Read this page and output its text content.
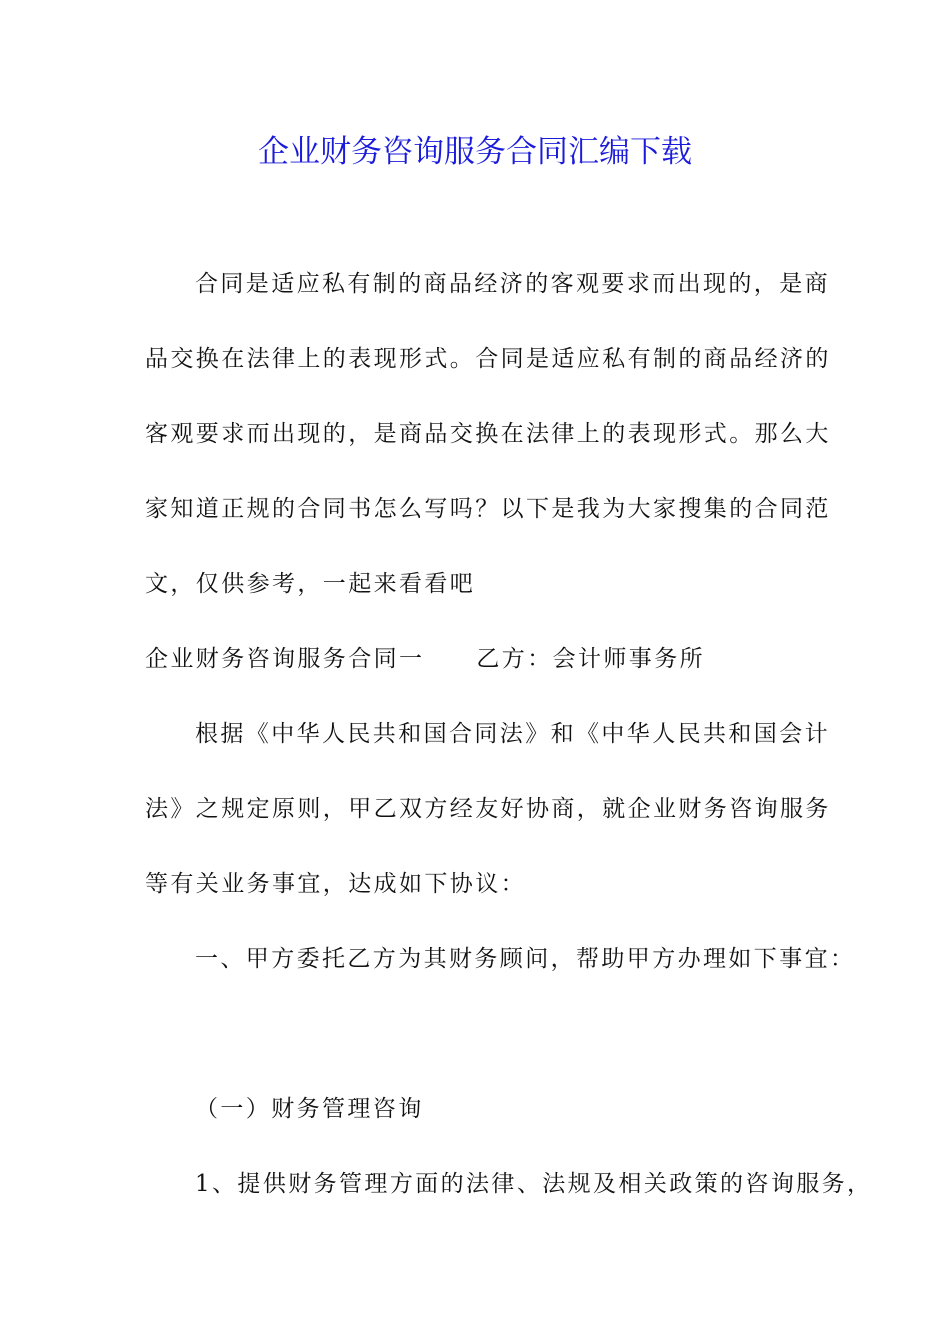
企业财务咨询服务合同汇编下载
合同是适应私有制的商品经济的客观要求而出现的，是商
品交换在法律上的表现形式。合同是适应私有制的商品经济的
客观要求而出现的，是商品交换在法律上的表现形式。那么大
家知道正规的合同书怎么写吗？以下是我为大家搜集的合同范
文，仅供参考，一起来看看吧
企业财务咨询服务合同一 乙方：会计师事务所
根据《中华人民共和国合同法》和《中华人民共和国会计
法》之规定原则，甲乙双方经友好协商，就企业财务咨询服务
等有关业务事宜，达成如下协议：
一、甲方委托乙方为其财务顾问，帮助甲方办理如下事宜：
（一）财务管理咨询
1、提供财务管理方面的法律、法规及相关政策的咨询服务，
